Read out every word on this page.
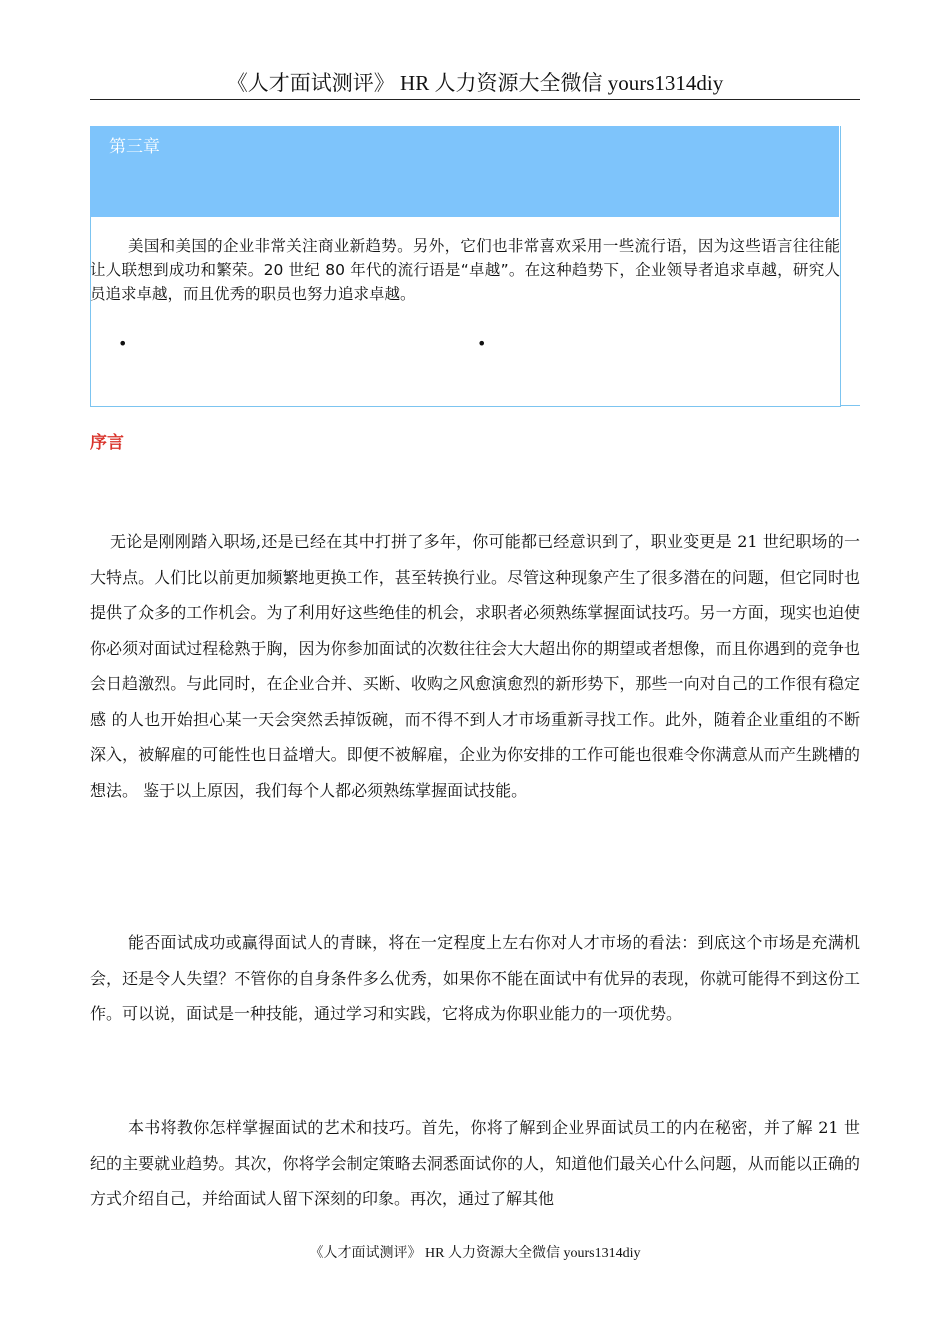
《人才面试测评》 HR 人力资源大全微信 yours1314diy
第三章

美国和美国的企业非常关注商业新趋势。另外，它们也非常喜欢采用一些流行语，因为这些语言往往能让人联想到成功和繁荣。20 世纪 80 年代的流行语是“卓越”。在这种趋势下，企业领导者追求卓越，研究人员追求卓越，而且优秀的职员也努力追求卓越。

•	•
序言

无论是刚刚踏入职场,还是已经在其中打拼了多年，你可能都已经意识到了，职业变更是 21 世纪职场的一大特点。人们比以前更加频繁地更换工作，甚至转换行业。尽管这种现象产生了很多潜在的问题，但它同时也提供了众多的工作机会。为了利用好这些绝佳的机会，求职者必须熟练掌握面试技巧。另一方面，现实也迫使你必须对面试过程稔熟于胸，因为你参加面试的次数往往会大大超出你的期望或者想像，而且你遇到的竞争也会日趋激烈。与此同时，在企业合并、买断、收购之风愈演愈烈的新形势下，那些一向对自己的工作很有稳定感 的人也开始担心某一天会突然丢掉饭碗，而不得不到人才市场重新寻找工作。此外，随着企业重组的不断深入，被解雇的可能性也日益增大。即便不被解雇，企业为你安排的工作可能也很难令你满意从而产生跳槽的想法。 鉴于以上原因，我们每个人都必须熟练掌握面试技能。

能否面试成功或赢得面试人的青睐，将在一定程度上左右你对人才市场的看法：到底这个市场是充满机会，还是令人失望？不管你的自身条件多么优秀，如果你不能在面试中有优异的表现，你就可能得不到这份工作。可以说，面试是一种技能，通过学习和实践，它将成为你职业能力的一项优势。

本书将教你怎样掌握面试的艺术和技巧。首先，你将了解到企业界面试员工的内在秘密，并了解 21 世纪的主要就业趋势。其次，你将学会制定策略去洞悉面试你的人，知道他们最关心什么问题，从而能以正确的方式介绍自己，并给面试人留下深刻的印象。再次，通过了解其他

《人才面试测评》 HR 人力资源大全微信 yours1314diy
